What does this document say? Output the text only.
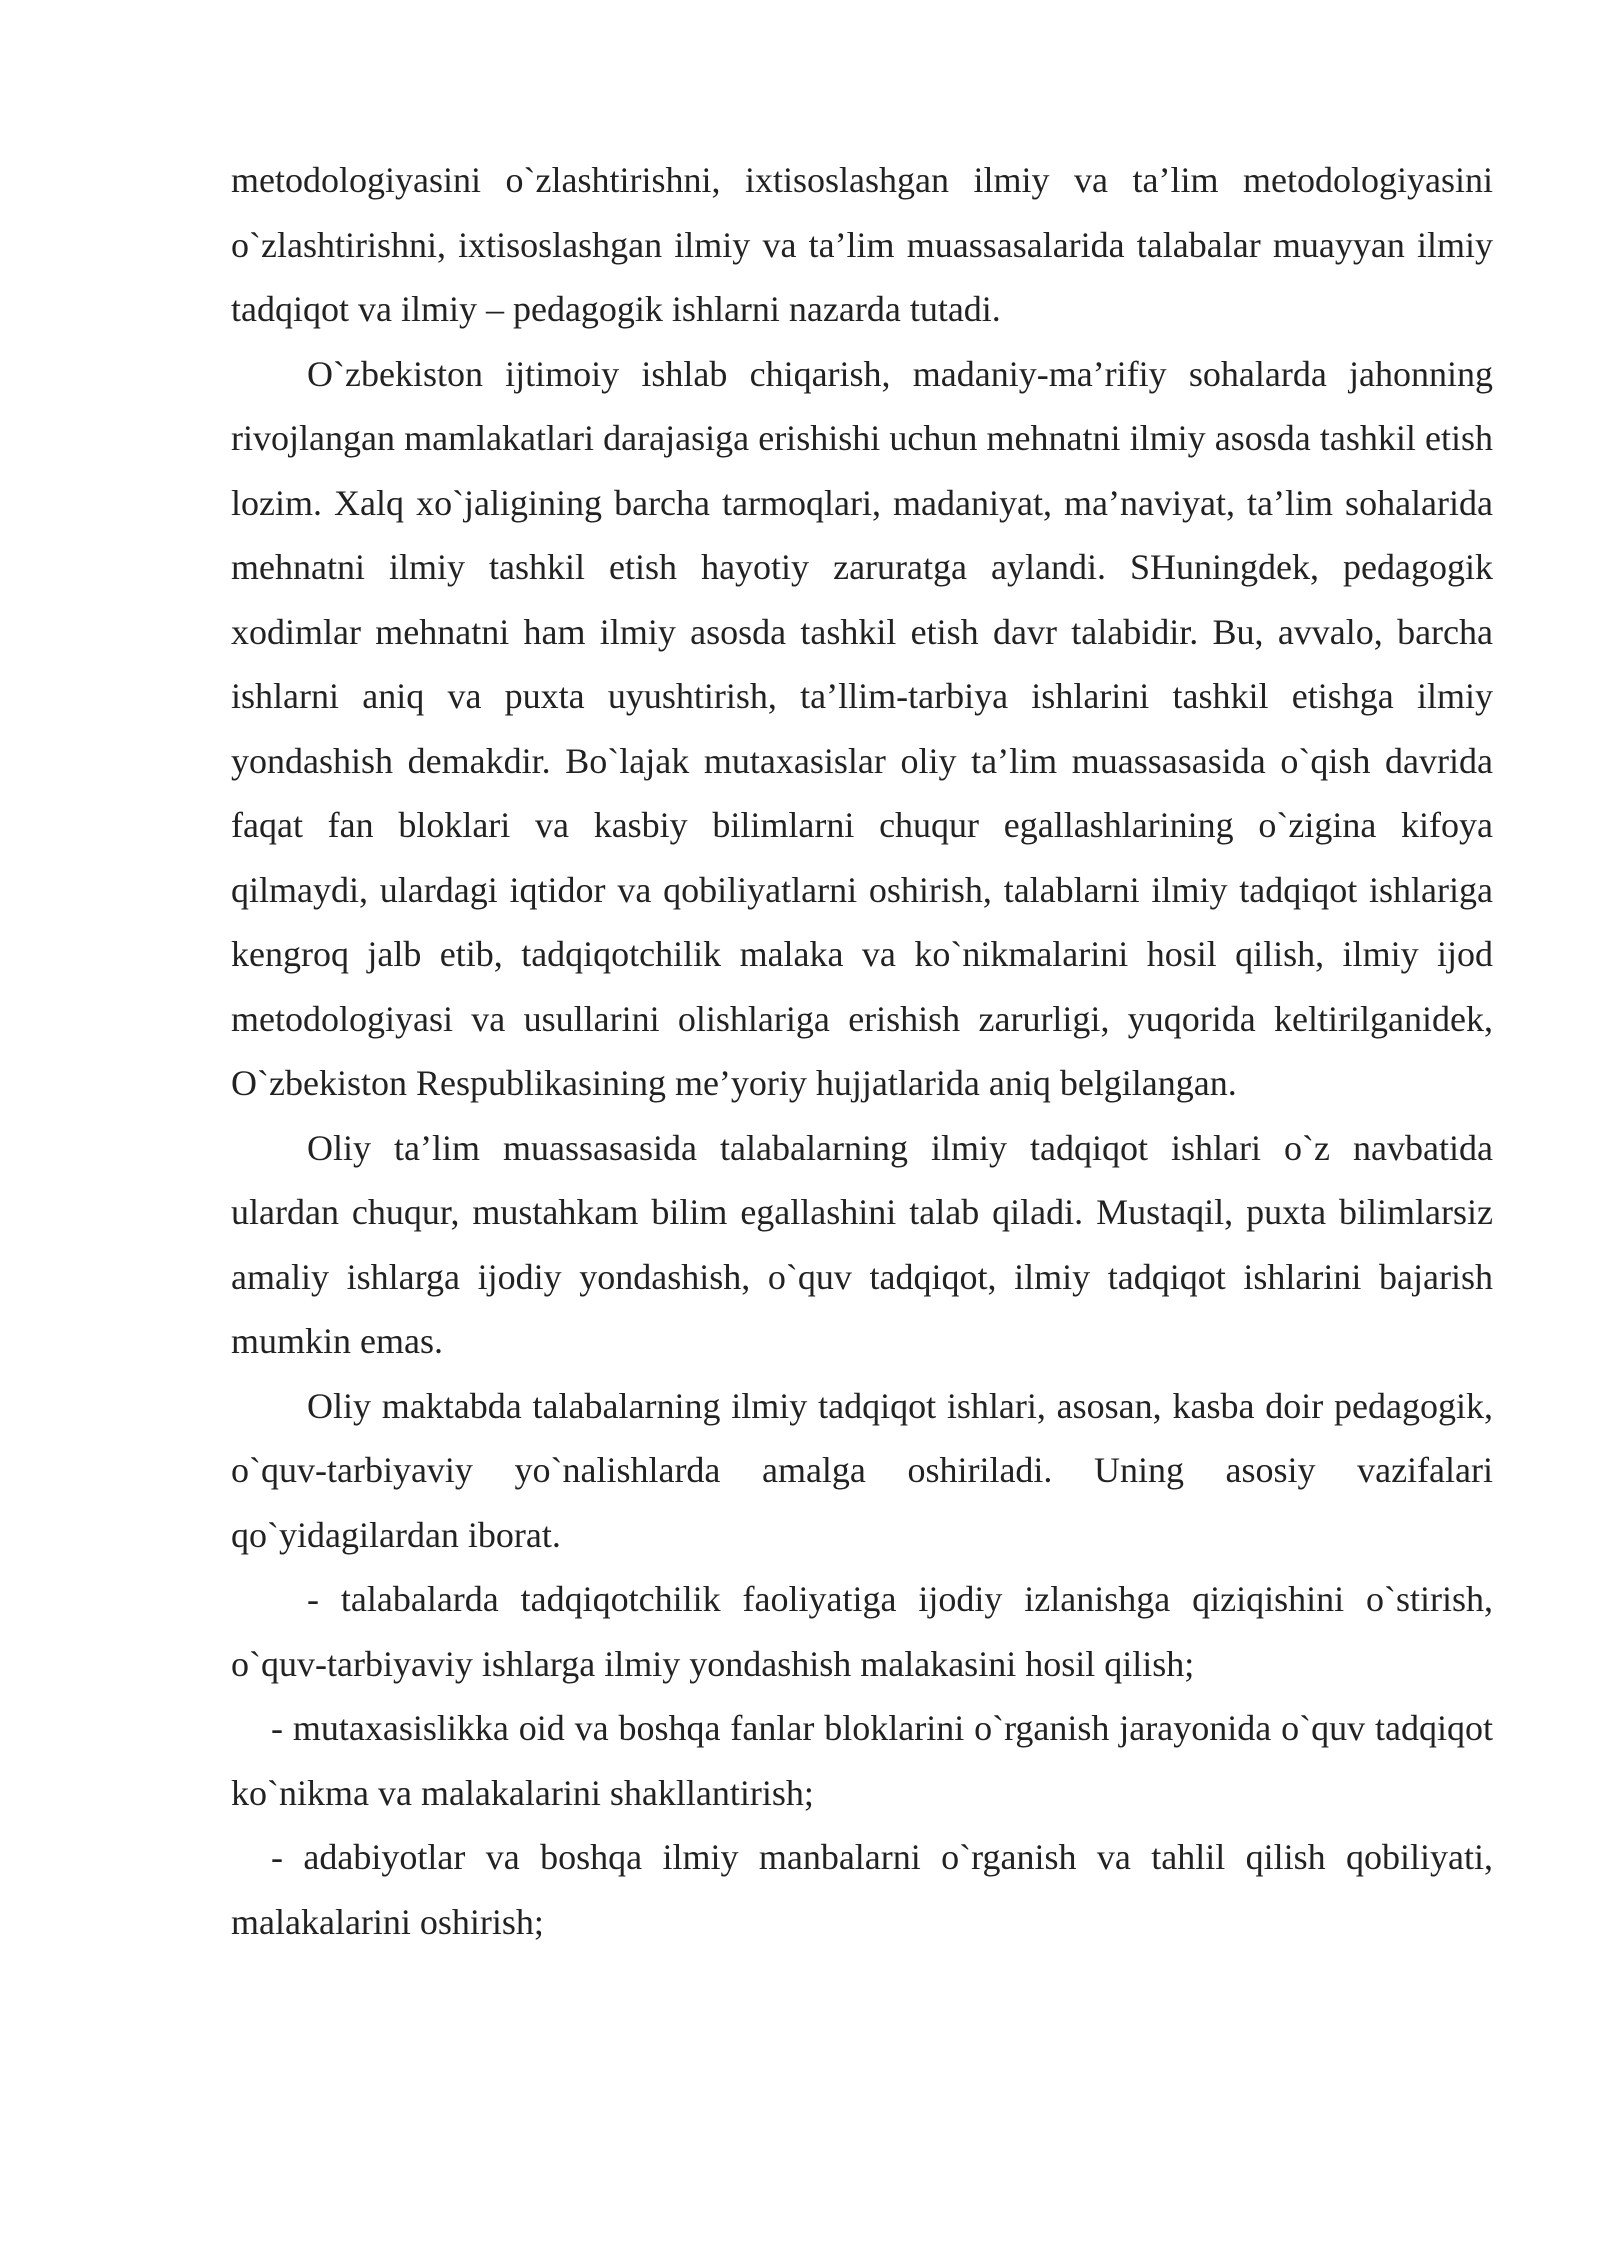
metodologiyasini o`zlashtirishni, ixtisoslashgan ilmiy va ta’lim metodologiyasini o`zlashtirishni, ixtisoslashgan ilmiy va ta’lim muassasalarida talabalar muayyan ilmiy tadqiqot va ilmiy – pedagogik ishlarni nazarda tutadi.

O`zbekiston ijtimoiy ishlab chiqarish, madaniy-ma’rifiy sohalarda jahonning rivojlangan mamlakatlari darajasiga erishishi uchun mehnatni ilmiy asosda tashkil etish lozim. Xalq xo`jaligining barcha tarmoqlari, madaniyat, ma’naviyat, ta’lim sohalarida mehnatni ilmiy tashkil etish hayotiy zaruratga aylandi. SHuningdek, pedagogik xodimlar mehnatni ham ilmiy asosda tashkil etish davr talabidir. Bu, avvalo, barcha ishlarni aniq va puxta uyushtirish, ta’llim-tarbiya ishlarini tashkil etishga ilmiy yondashish demakdir. Bo`lajak mutaxasislar oliy ta’lim muassasasida o`qish davrida faqat fan bloklari va kasbiy bilimlarni chuqur egallashlarining o`zigina kifoya qilmaydi, ulardagi iqtidor va qobiliyatlarni oshirish, talablarni ilmiy tadqiqot ishlariga kengroq jalb etib, tadqiqotchilik malaka va ko`nikmalarini hosil qilish, ilmiy ijod metodologiyasi va usullarini olishlariga erishish zarurligi, yuqorida keltirilganidek, O`zbekiston Respublikasining me’yoriy hujjatlarida aniq belgilangan.

Oliy ta’lim muassasasida talabalarning ilmiy tadqiqot ishlari o`z navbatida ulardan chuqur, mustahkam bilim egallashini talab qiladi. Mustaqil, puxta bilimlarsiz amaliy ishlarga ijodiy yondashish, o`quv tadqiqot, ilmiy tadqiqot ishlarini bajarish mumkin emas.

Oliy maktabda talabalarning ilmiy tadqiqot ishlari, asosan, kasba doir pedagogik, o`quv-tarbiyaviy yo`nalishlarda amalga oshiriladi. Uning asosiy vazifalari qo`yidagilardan iborat.

- talabalarda tadqiqotchilik faoliyatiga ijodiy izlanishga qiziqishini o`stirish, o`quv-tarbiyaviy ishlarga ilmiy yondashish malakasini hosil qilish;

- mutaxasislikka oid va boshqa fanlar bloklarini o`rganish jarayonida o`quv tadqiqot ko`nikma va malakalarini shakllantirish;

- adabiyotlar va boshqa ilmiy manbalarni o`rganish va tahlil qilish qobiliyati, malakalarini oshirish;
